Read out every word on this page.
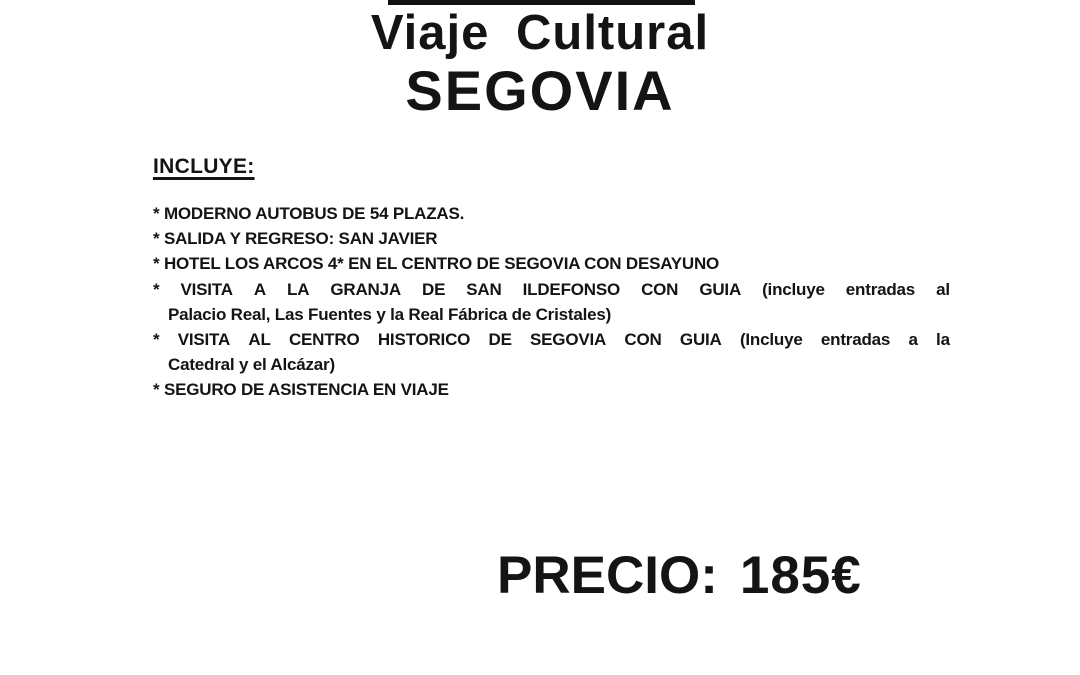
Viaje Cultural
SEGOVIA
INCLUYE:
* MODERNO AUTOBUS DE 54 PLAZAS.
* SALIDA Y REGRESO: SAN JAVIER
* HOTEL LOS ARCOS 4* EN EL CENTRO DE SEGOVIA CON DESAYUNO
* VISITA A LA GRANJA DE SAN ILDEFONSO CON GUIA (incluye entradas al
Palacio Real, Las Fuentes y la Real Fábrica de Cristales)
* VISITA AL CENTRO HISTORICO DE SEGOVIA CON GUIA (Incluye entradas a la
Catedral y el Alcázar)
* SEGURO DE ASISTENCIA EN VIAJE
PRECIO: 185€
